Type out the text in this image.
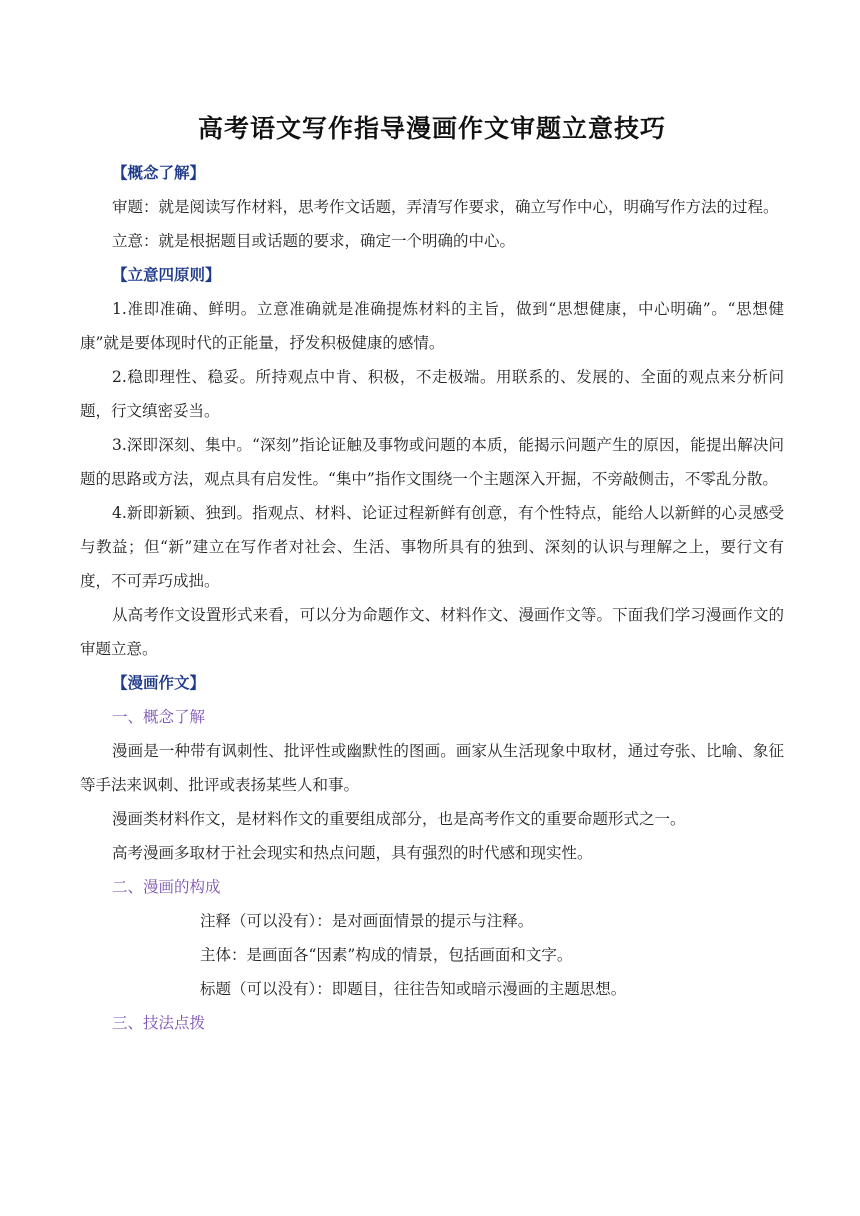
高考语文写作指导漫画作文审题立意技巧

【概念了解】

审题：就是阅读写作材料，思考作文话题，弄清写作要求，确立写作中心，明确写作方法的过程。

立意：就是根据题目或话题的要求，确定一个明确的中心。

【立意四原则】

1.准即准确、鲜明。立意准确就是准确提炼材料的主旨，做到“思想健康，中心明确”。“思想健康”就是要体现时代的正能量，抒发积极健康的感情。

2.稳即理性、稳妥。所持观点中肯、积极，不走极端。用联系的、发展的、全面的观点来分析问题，行文缜密妥当。

3.深即深刻、集中。“深刻”指论证触及事物或问题的本质，能揭示问题产生的原因，能提出解决问题的思路或方法，观点具有启发性。“集中”指作文围绕一个主题深入开掘，不旁敲侧击，不零乱分散。

4.新即新颖、独到。指观点、材料、论证过程新鲜有创意，有个性特点，能给人以新鲜的心灵感受与教益；但“新”建立在写作者对社会、生活、事物所具有的独到、深刻的认识与理解之上，要行文有度，不可弄巧成拙。

从高考作文设置形式来看，可以分为命题作文、材料作文、漫画作文等。下面我们学习漫画作文的审题立意。

【漫画作文】

一、概念了解

漫画是一种带有讽刺性、批评性或幽默性的图画。画家从生活现象中取材，通过夸张、比喻、象征等手法来讽刺、批评或表扬某些人和事。

漫画类材料作文，是材料作文的重要组成部分，也是高考作文的重要命题形式之一。

高考漫画多取材于社会现实和热点问题，具有强烈的时代感和现实性。

二、漫画的构成

注释（可以没有）：是对画面情景的提示与注释。

主体：是画面各“因素”构成的情景，包括画面和文字。

标题（可以没有）：即题目，往往告知或暗示漫画的主题思想。

三、技法点拨
